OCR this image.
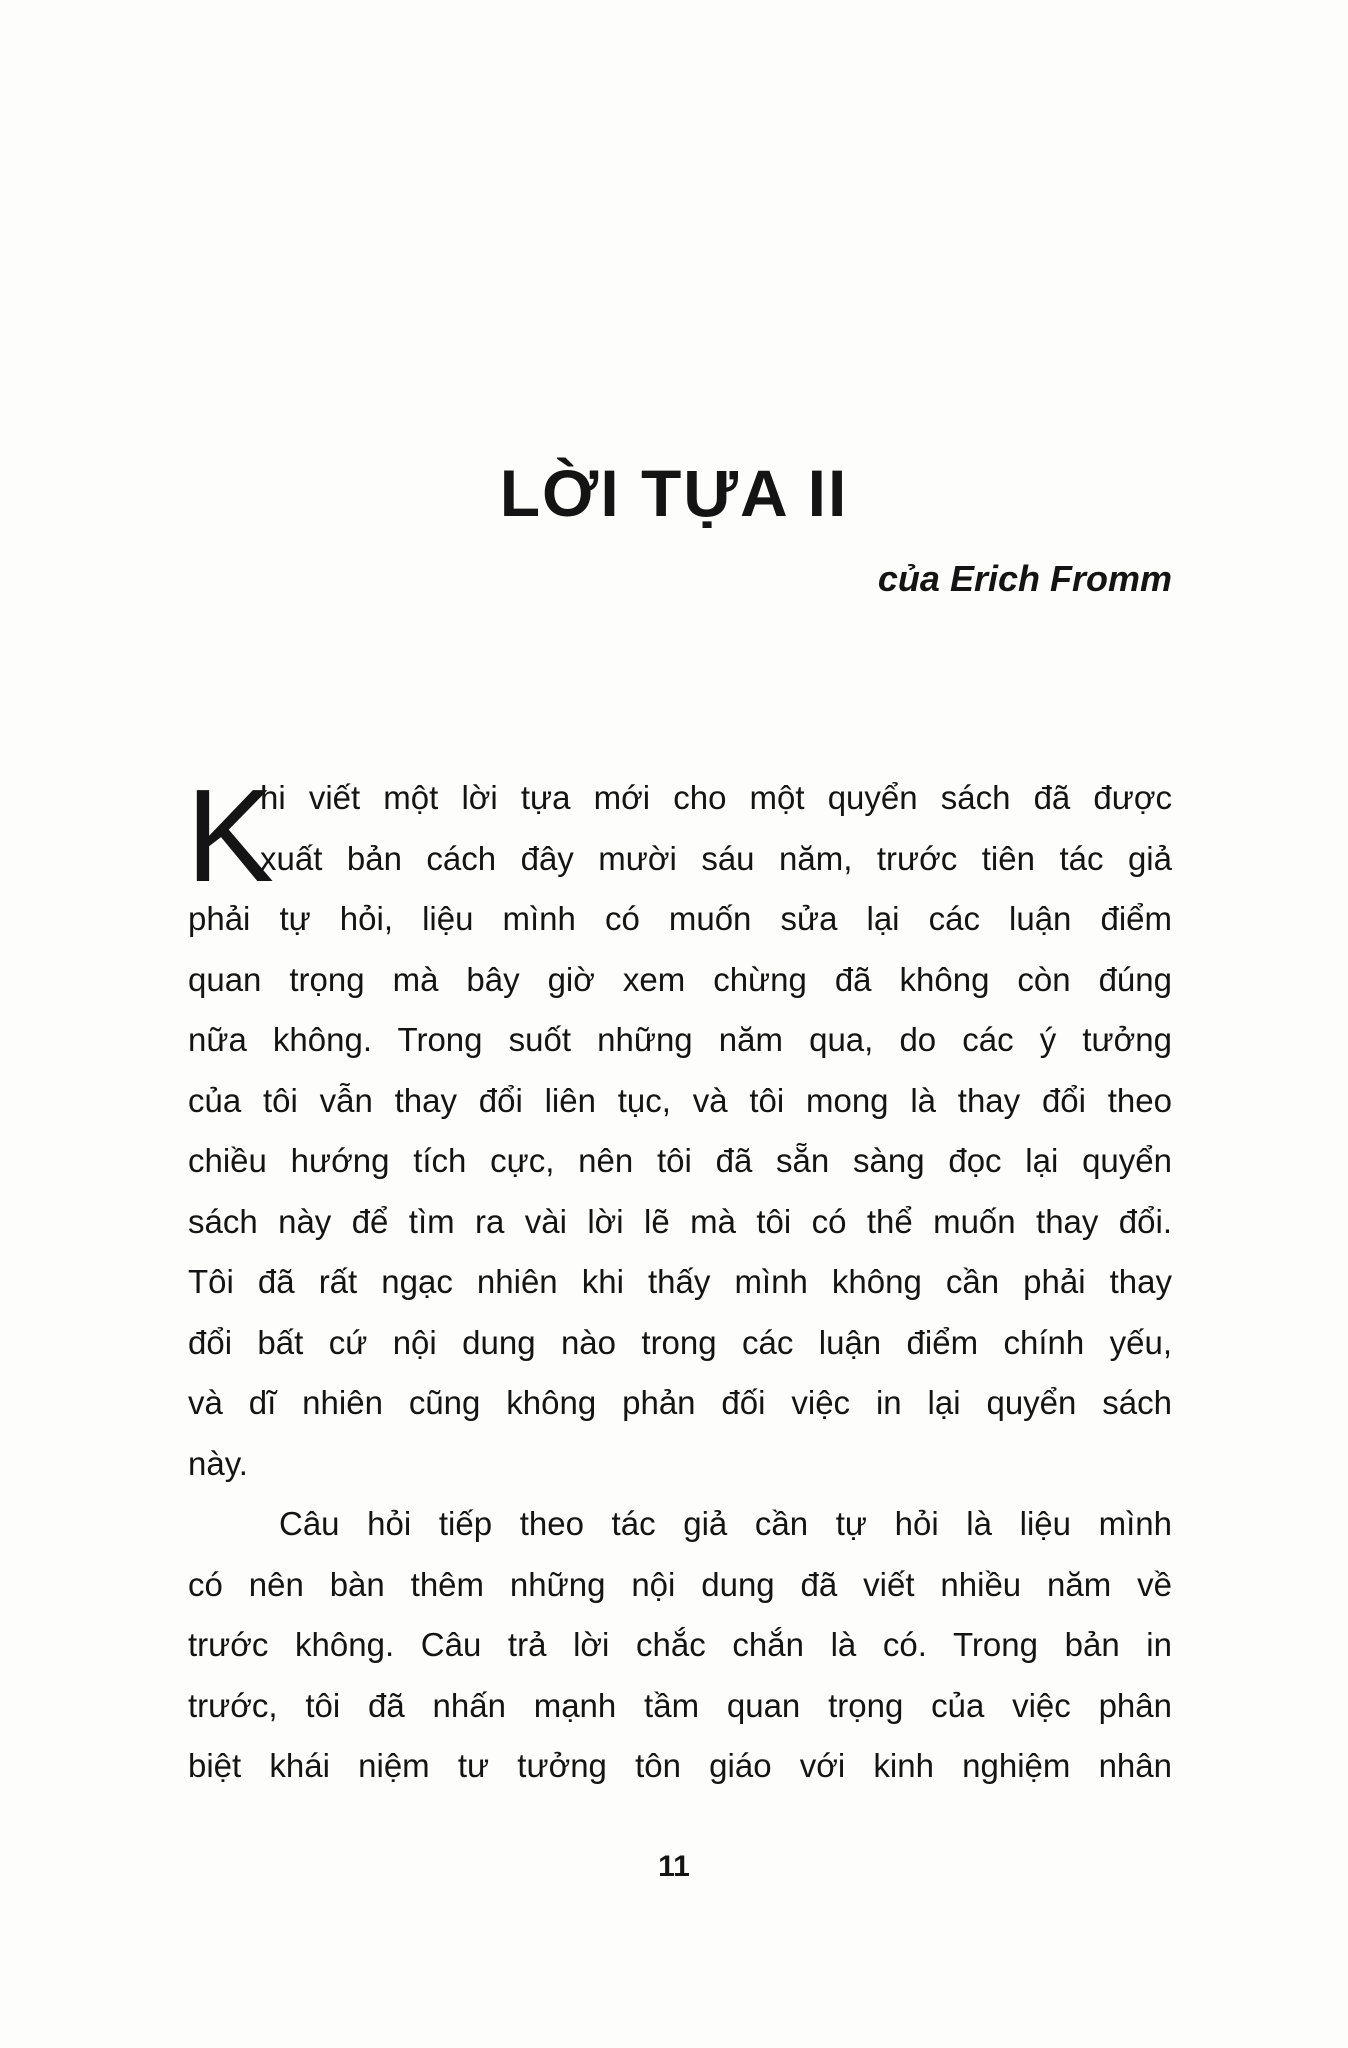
LỜI TỰA II
của Erich Fromm
K
hi viết một lời tựa mới cho một quyển sách đã được
xuất bản cách đây mười sáu năm, trước tiên tác giả
phải tự hỏi, liệu mình có muốn sửa lại các luận điểm
quan trọng mà bây giờ xem chừng đã không còn đúng
nữa không. Trong suốt những năm qua, do các ý tưởng
của tôi vẫn thay đổi liên tục, và tôi mong là thay đổi theo
chiều hướng tích cực, nên tôi đã sẵn sàng đọc lại quyển
sách này để tìm ra vài lời lẽ mà tôi có thể muốn thay đổi.
Tôi đã rất ngạc nhiên khi thấy mình không cần phải thay
đổi bất cứ nội dung nào trong các luận điểm chính yếu,
và dĩ nhiên cũng không phản đối việc in lại quyển sách
này.
Câu hỏi tiếp theo tác giả cần tự hỏi là liệu mình
có nên bàn thêm những nội dung đã viết nhiều năm về
trước không. Câu trả lời chắc chắn là có. Trong bản in
trước, tôi đã nhấn mạnh tầm quan trọng của việc phân
biệt khái niệm tư tưởng tôn giáo với kinh nghiệm nhân
11
